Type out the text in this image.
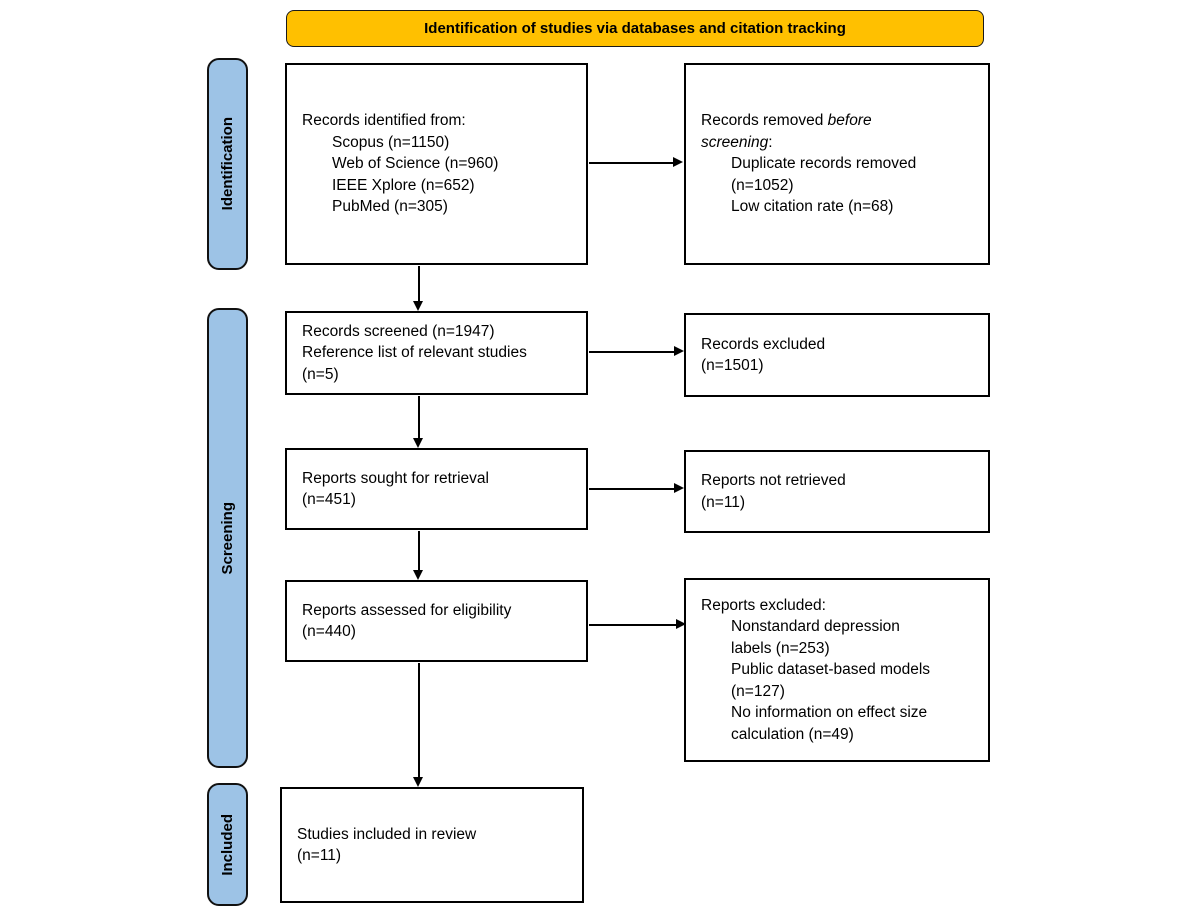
Identification of studies via databases and citation tracking
Identification
Screening
Included
Records identified from:
Scopus (n=1150)
Web of Science (n=960)
IEEE Xplore (n=652)
PubMed (n=305)
Records screened (n=1947)
Reference list of relevant studies
(n=5)
Reports sought for retrieval
(n=451)
Reports assessed for eligibility
(n=440)
Studies included in review
(n=11)
Records removed before
screening:
Duplicate records removed
(n=1052)
Low citation rate (n=68)
Records excluded
(n=1501)
Reports not retrieved
(n=11)
Reports excluded:
Nonstandard depression
labels (n=253)
Public dataset-based models
(n=127)
No information on effect size
calculation (n=49)
